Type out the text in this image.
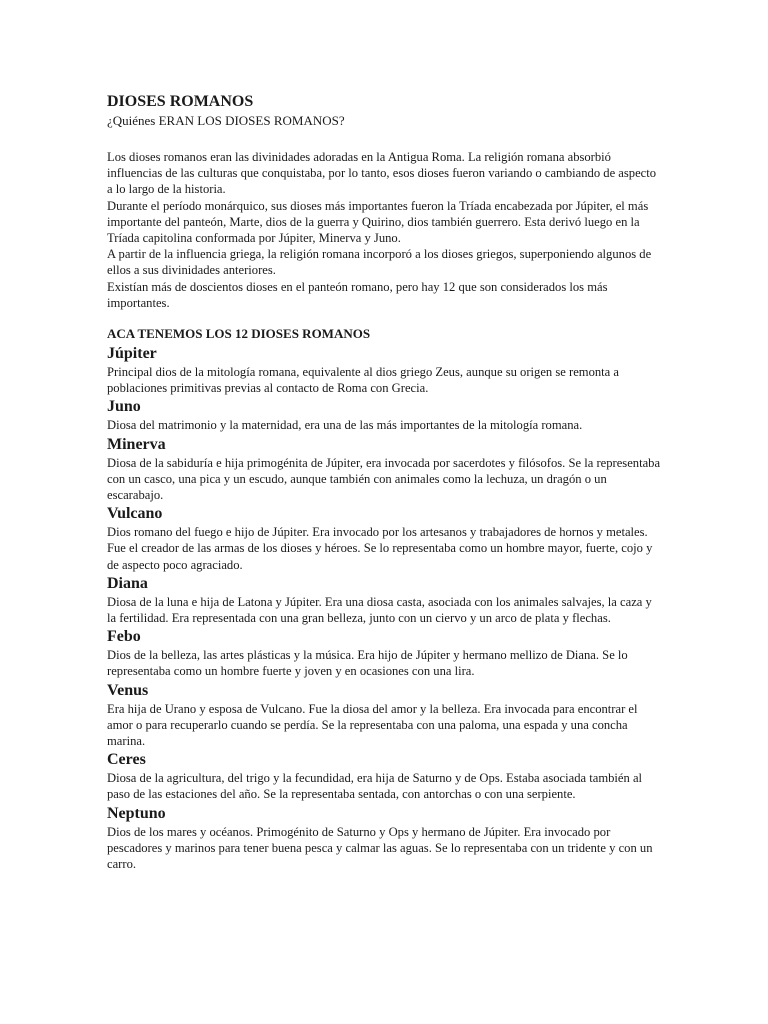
DIOSES ROMANOS

¿Quiénes ERAN LOS DIOSES ROMANOS?

Los dioses romanos eran las divinidades adoradas en la Antigua Roma. La religión romana absorbió influencias de las culturas que conquistaba, por lo tanto, esos dioses fueron variando o cambiando de aspecto a lo largo de la historia.

Durante el período monárquico, sus dioses más importantes fueron la Tríada encabezada por Júpiter, el más importante del panteón, Marte, dios de la guerra y Quirino, dios también guerrero. Esta derivó luego en la Tríada capitolina conformada por Júpiter, Minerva y Juno.

A partir de la influencia griega, la religión romana incorporó a los dioses griegos, superponiendo algunos de ellos a sus divinidades anteriores.

Existían más de doscientos dioses en el panteón romano, pero hay 12 que son considerados los más importantes.

ACA TENEMOS LOS 12 DIOSES ROMANOS
Júpiter

Principal dios de la mitología romana, equivalente al dios griego Zeus, aunque su origen se remonta a poblaciones primitivas previas al contacto de Roma con Grecia.

Juno

Diosa del matrimonio y la maternidad, era una de las más importantes de la mitología romana.

Minerva

Diosa de la sabiduría e hija primogénita de Júpiter, era invocada por sacerdotes y filósofos. Se la representaba con un casco, una pica y un escudo, aunque también con animales como la lechuza, un dragón o un escarabajo.

Vulcano

Dios romano del fuego e hijo de Júpiter. Era invocado por los artesanos y trabajadores de hornos y metales. Fue el creador de las armas de los dioses y héroes. Se lo representaba como un hombre mayor, fuerte, cojo y de aspecto poco agraciado.

Diana

Diosa de la luna e hija de Latona y Júpiter. Era una diosa casta, asociada con los animales salvajes, la caza y la fertilidad. Era representada con una gran belleza, junto con un ciervo y un arco de plata y flechas.

Febo

Dios de la belleza, las artes plásticas y la música. Era hijo de Júpiter y hermano mellizo de Diana. Se lo representaba como un hombre fuerte y joven y en ocasiones con una lira.

Venus

Era hija de Urano y esposa de Vulcano. Fue la diosa del amor y la belleza. Era invocada para encontrar el amor o para recuperarlo cuando se perdía. Se la representaba con una paloma, una espada y una concha marina.

Ceres

Diosa de la agricultura, del trigo y la fecundidad, era hija de Saturno y de Ops. Estaba asociada también al paso de las estaciones del año. Se la representaba sentada, con antorchas o con una serpiente.

Neptuno

Dios de los mares y océanos. Primogénito de Saturno y Ops y hermano de Júpiter. Era invocado por pescadores y marinos para tener buena pesca y calmar las aguas. Se lo representaba con un tridente y con un carro.
